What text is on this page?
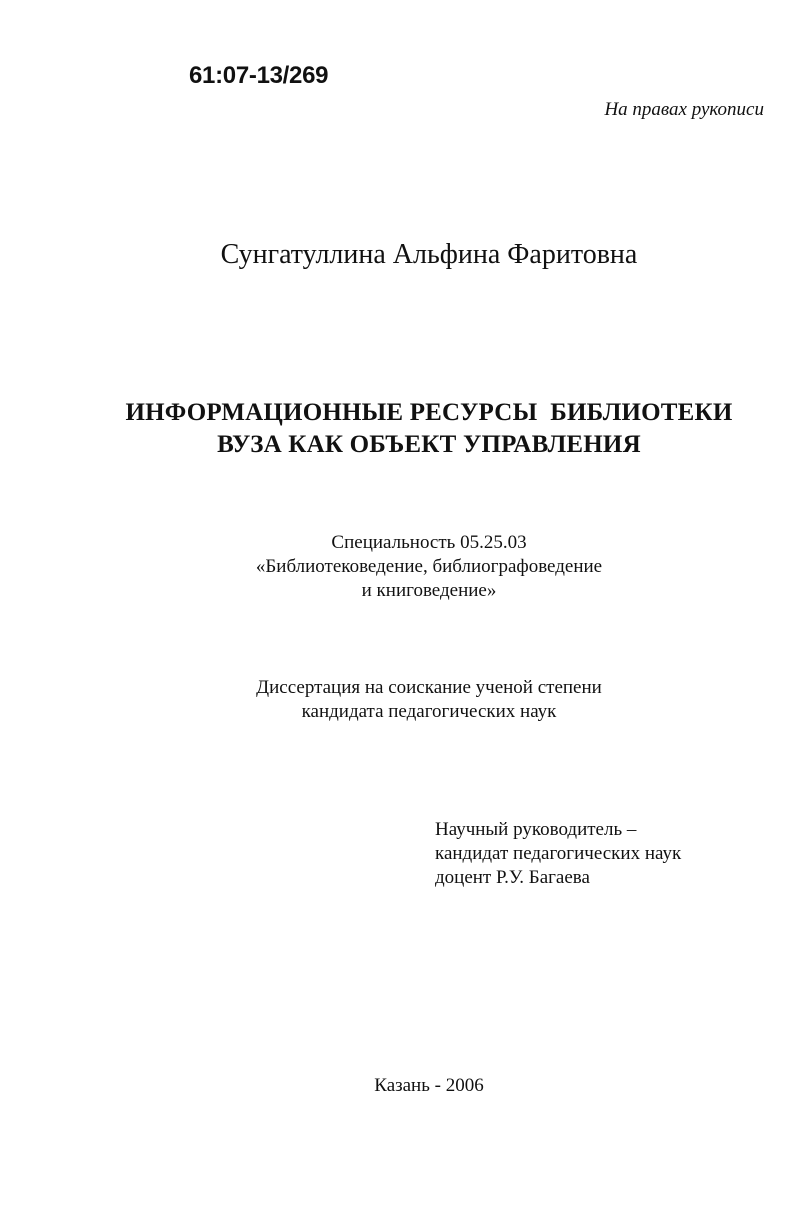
61:07-13/269
На правах рукописи
Сунгатуллина Альфина Фаритовна
ИНФОРМАЦИОННЫЕ РЕСУРСЫ  БИБЛИОТЕКИ
ВУЗА КАК ОБЪЕКТ УПРАВЛЕНИЯ
Специальность 05.25.03
«Библиотековедение, библиографоведение
и книговедение»
Диссертация на соискание ученой степени
кандидата педагогических наук
Научный руководитель –
кандидат педагогических наук
доцент Р.У. Багаева
Казань - 2006
